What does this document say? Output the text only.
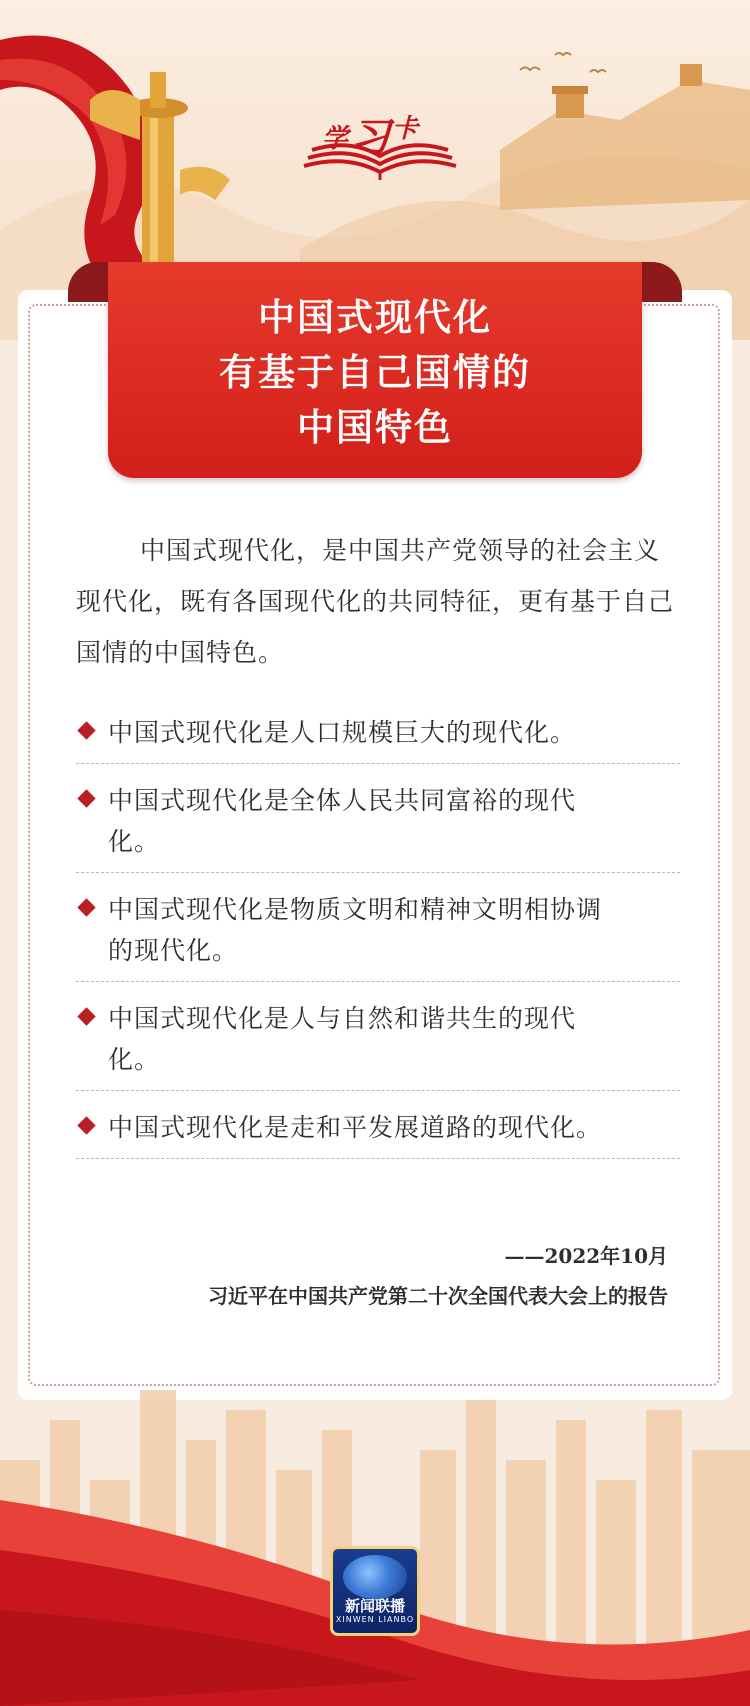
学习卡
中国式现代化
有基于自己国情的
中国特色
中国式现代化，是中国共产党领导的社会主义现代化，既有各国现代化的共同特征，更有基于自己国情的中国特色。
中国式现代化是人口规模巨大的现代化。
中国式现代化是全体人民共同富裕的现代化。
中国式现代化是物质文明和精神文明相协调的现代化。
中国式现代化是人与自然和谐共生的现代化。
中国式现代化是走和平发展道路的现代化。
——2022年10月
习近平在中国共产党第二十次全国代表大会上的报告
新闻联播
XINWEN LIANBO
